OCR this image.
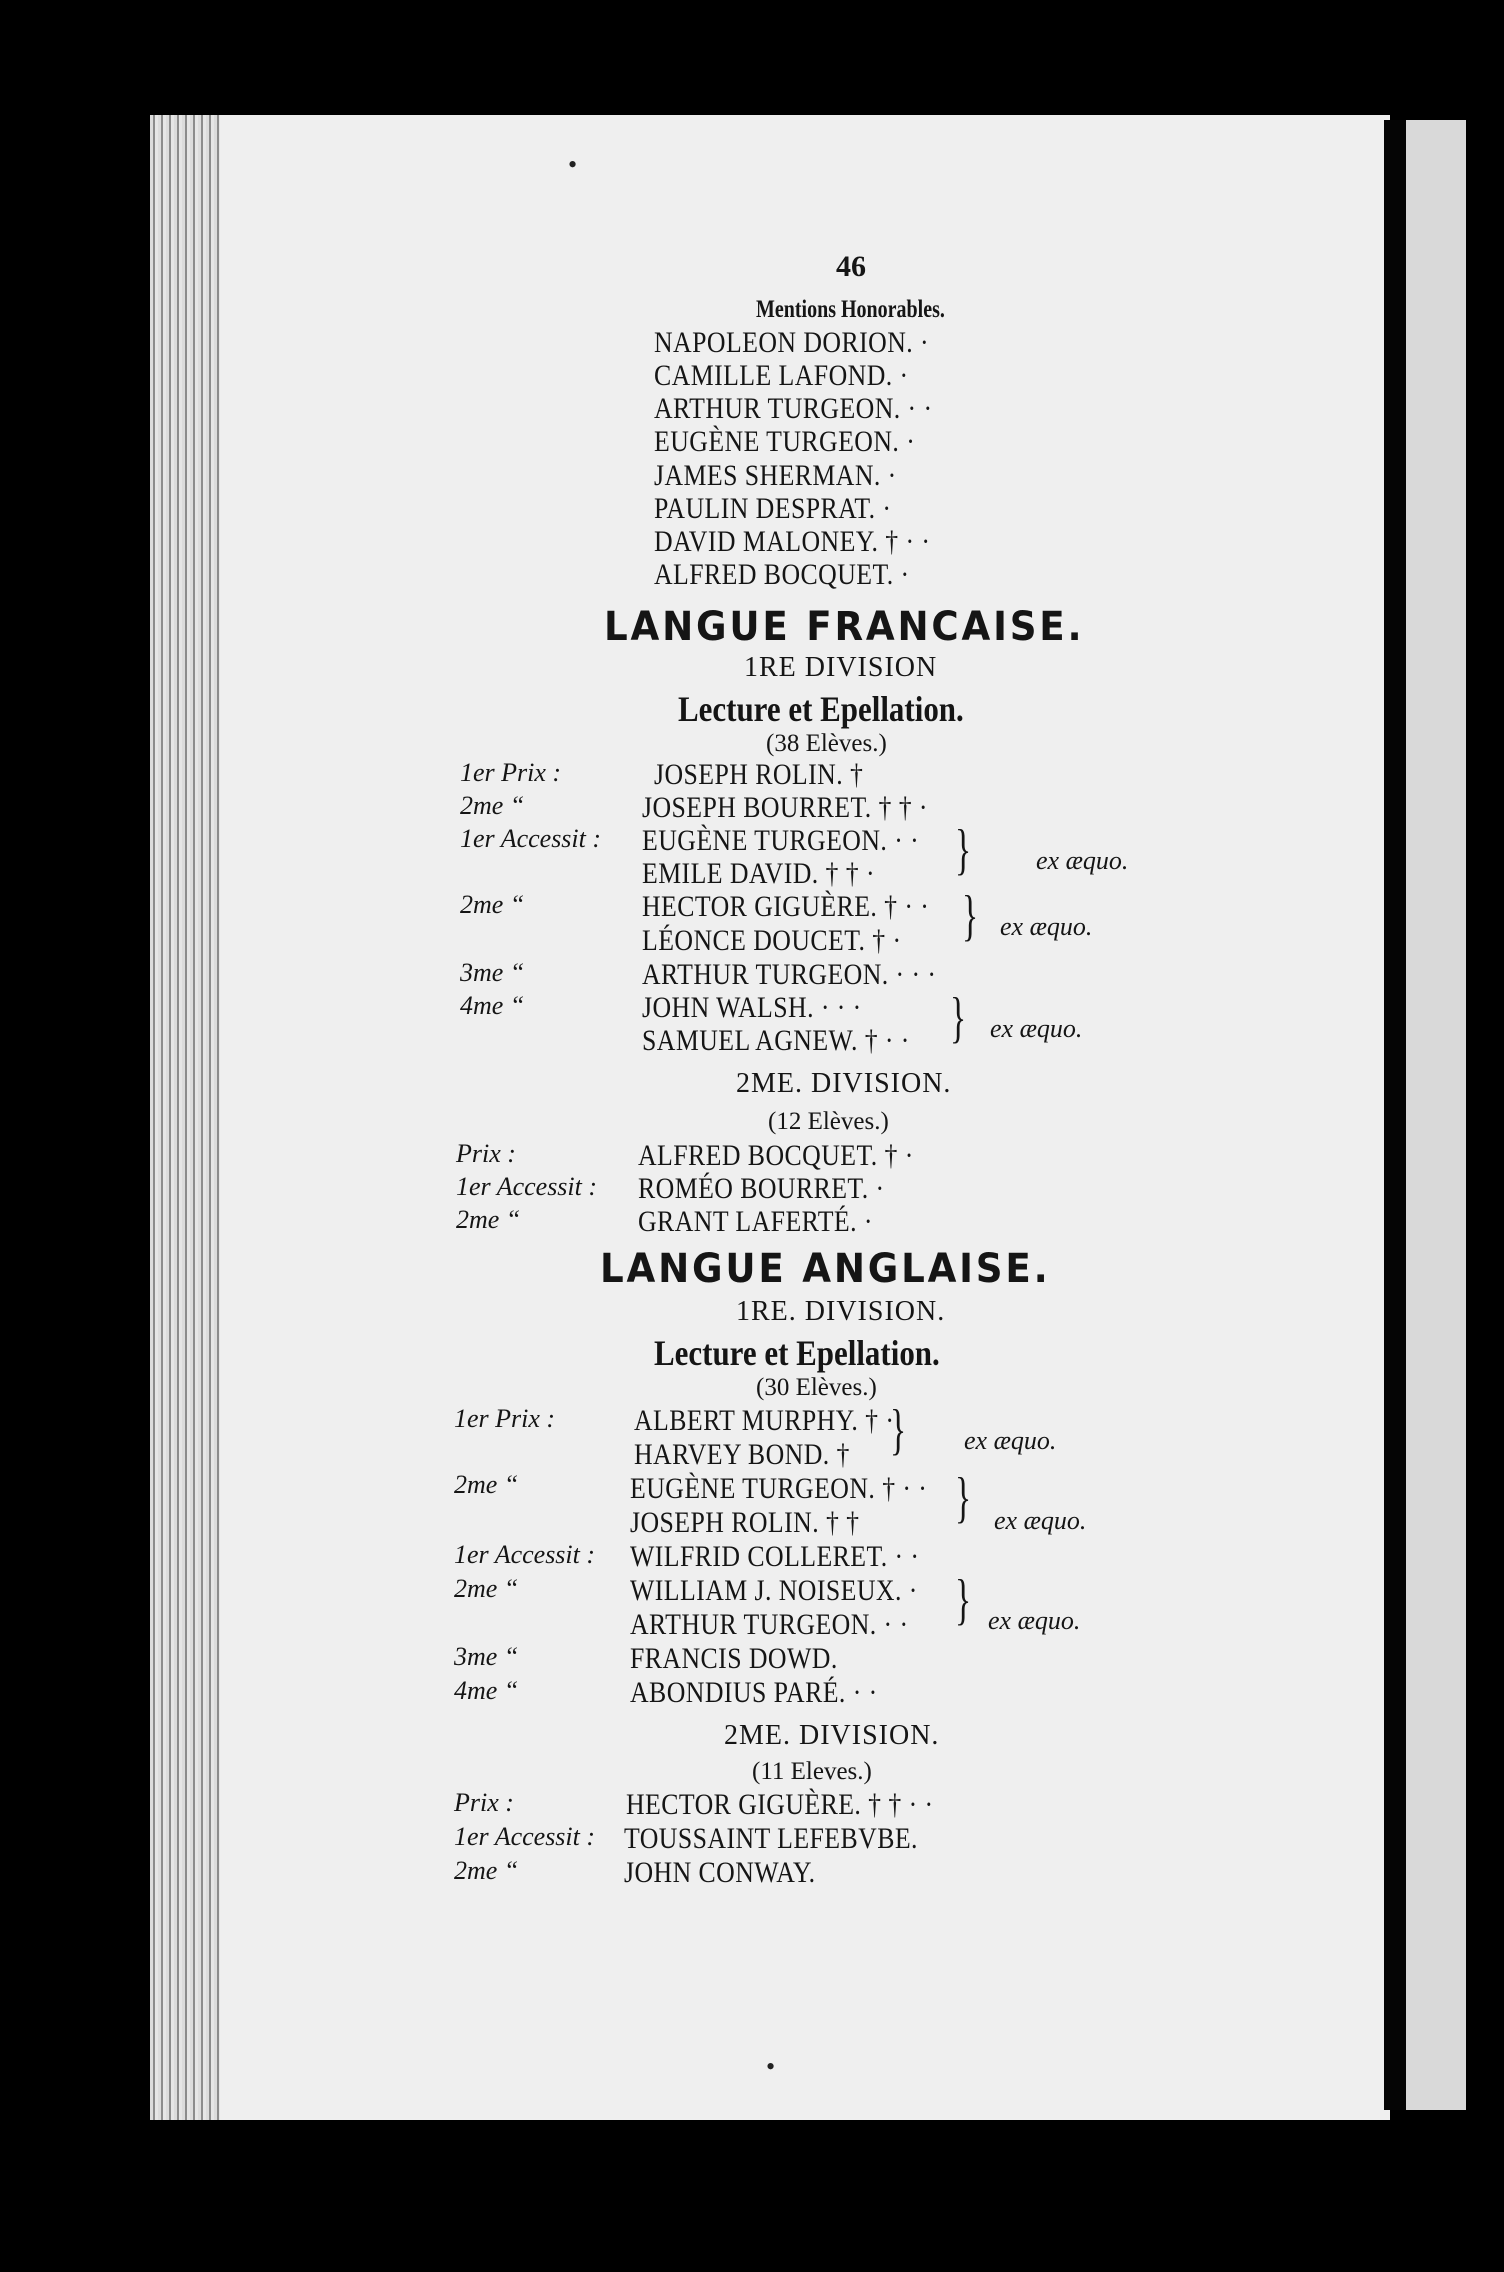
•
46
Mentions Honorables.
NAPOLEON DORION. ·
CAMILLE LAFOND. ·
ARTHUR TURGEON. · ·
EUGÈNE TURGEON. ·
JAMES SHERMAN. ·
PAULIN DESPRAT. ·
DAVID MALONEY. † · ·
ALFRED BOCQUET. ·
LANGUE FRANCAISE.
1RE DIVISION
Lecture et Epellation.
(38 Elèves.)
1er Prix :
2me “
1er Accessit :
2me “
3me “
4me “
JOSEPH ROLIN. †
JOSEPH BOURRET. † † ·
EUGÈNE TURGEON. · ·
EMILE DAVID. † † ·
HECTOR GIGUÈRE. † · ·
LÉONCE DOUCET. † ·
ARTHUR TURGEON. · · ·
JOHN WALSH. · · ·
SAMUEL AGNEW. † · ·
} ex æquo.
} ex æquo.
} ex æquo.
2ME. DIVISION.
(12 Elèves.)
Prix :
1er Accessit :
2me “
ALFRED BOCQUET. † ·
ROMÉO BOURRET. ·
GRANT LAFERTÉ. ·
LANGUE ANGLAISE.
1RE. DIVISION.
Lecture et Epellation.
(30 Elèves.)
1er Prix :
2me “
1er Accessit :
2me “
3me “
4me “
ALBERT MURPHY. † ·
HARVEY BOND. †
EUGÈNE TURGEON. † · ·
JOSEPH ROLIN. † †
WILFRID COLLERET. · ·
WILLIAM J. NOISEUX. ·
ARTHUR TURGEON. · ·
FRANCIS DOWD.
ABONDIUS PARÉ. · ·
} ex æquo.
} ex æquo.
} ex æquo.
2ME. DIVISION.
(11 Eleves.)
Prix :
1er Accessit :
2me “
HECTOR GIGUÈRE. † † · ·
TOUSSAINT LEFEBVBE.
JOHN CONWAY.
•
